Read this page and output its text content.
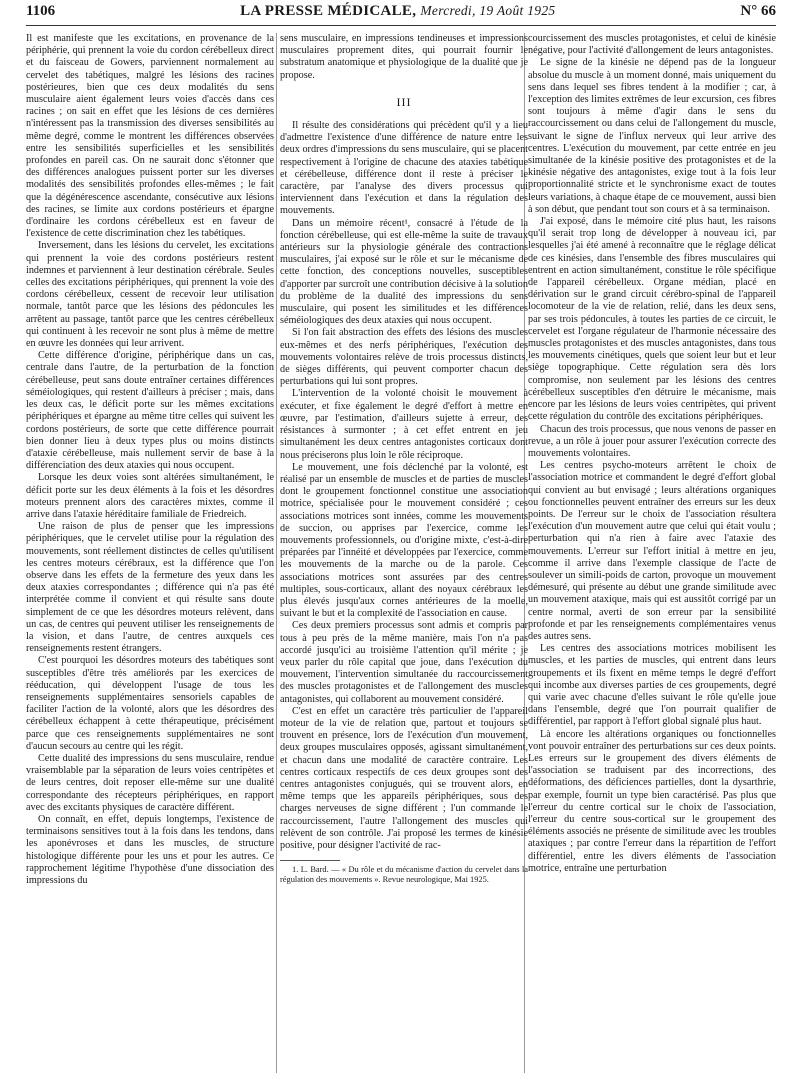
1106	LA PRESSE MÉDICALE, Mercredi, 19 Août 1925	N° 66

Il est manifeste que les excitations, en provenance de la périphérie, qui prennent la voie du cordon cérébelleux direct et du faisceau de Gowers, parviennent normalement au cervelet des tabétiques, malgré les lésions des racines postérieures, bien que ces deux modalités du sens musculaire aient également leurs voies d'accès dans ces racines ; on sait en effet que les lésions de ces dernières n'intéressent pas la transmission des diverses sensibilités au même degré, comme le montrent les différences observées entre les sensibilités superficielles et les sensibilités profondes en pareil cas. On ne saurait donc s'étonner que des différences analogues puissent porter sur les diverses modalités des sensibilités profondes elles-mêmes ; le fait que la dégénérescence ascendante, consécutive aux lésions des racines, se limite aux cordons postérieurs et épargne d'ordinaire les cordons cérébelleux est en faveur de l'existence de cette discrimination chez les tabétiques.

Inversement, dans les lésions du cervelet, les excitations qui prennent la voie des cordons postérieurs restent indemnes et parviennent à leur destination cérébrale. Seules celles des excitations périphériques, qui prennent la voie des cordons cérébelleux, cessent de recevoir leur utilisation normale, tantôt parce que les lésions des pédoncules les arrêtent au passage, tantôt parce que les centres cérébelleux qui continuent à les recevoir ne sont plus à même de mettre en œuvre les données qui leur arrivent.

Cette différence d'origine, périphérique dans un cas, centrale dans l'autre, de la perturbation de la fonction cérébelleuse, peut sans doute entraîner certaines différences séméiologiques, qui restent d'ailleurs à préciser ; mais, dans les deux cas, le déficit porte sur les mêmes excitations périphériques et épargne au même titre celles qui suivent les cordons postérieurs, de sorte que cette différence pourrait bien donner lieu à deux types plus ou moins distincts d'ataxie cérébelleuse, mais nullement servir de base à la différenciation des deux ataxies qui nous occupent.

Lorsque les deux voies sont altérées simultanément, le déficit porte sur les deux éléments à la fois et les désordres moteurs prennent alors des caractères mixtes, comme il arrive dans l'ataxie héréditaire familiale de Friedreich.

Une raison de plus de penser que les impressions périphériques, que le cervelet utilise pour la régulation des mouvements, sont réellement distinctes de celles qu'utilisent les centres moteurs cérébraux, est la différence que l'on observe dans les effets de la fermeture des yeux dans les deux ataxies correspondantes ; différence qui n'a pas été interprétée comme il convient et qui résulte sans doute simplement de ce que les désordres moteurs relèvent, dans un cas, de centres qui peuvent utiliser les renseignements de la vision, et dans l'autre, de centres auxquels ces renseignements restent étrangers.

C'est pourquoi les désordres moteurs des tabétiques sont susceptibles d'être très améliorés par les exercices de rééducation, qui développent l'usage de tous les renseignements supplémentaires sensoriels capables de faciliter l'action de la volonté, alors que les désordres des cérébelleux échappent à cette thérapeutique, précisément parce que ces renseignements supplémentaires ne sont d'aucun secours au centre qui les régit.

Cette dualité des impressions du sens musculaire, rendue vraisemblable par la séparation de leurs voies centripètes et de leurs centres, doit reposer elle-même sur une dualité correspondante des récepteurs périphériques, en rapport avec des excitants physiques de caractère différent.

On connaît, en effet, depuis longtemps, l'existence de terminaisons sensitives tout à la fois dans les tendons, dans les aponévroses et dans les muscles, de structure histologique différente pour les uns et pour les autres. Ce rapprochement légitime l'hypothèse d'une dissociation des impressions du

sens musculaire, en impressions tendineuses et impressions musculaires proprement dites, qui pourrait fournir le substratum anatomique et physiologique de la dualité que je propose.

III

Il résulte des considérations qui précèdent qu'il y a lieu d'admettre l'existence d'une différence de nature entre les deux ordres d'impressions du sens musculaire, qui se placent respectivement à l'origine de chacune des ataxies tabétique et cérébelleuse, différence dont il reste à préciser le caractère, par l'analyse des divers processus qui interviennent dans l'exécution et dans la régulation des mouvements.

Dans un mémoire récent¹, consacré à l'étude de la fonction cérébelleuse, qui est elle-même la suite de travaux antérieurs sur la physiologie générale des contractions musculaires, j'ai exposé sur le rôle et sur le mécanisme de cette fonction, des conceptions nouvelles, susceptibles d'apporter par surcroît une contribution décisive à la solution du problème de la dualité des impressions du sens musculaire, qui posent les similitudes et les différences séméiologiques des deux ataxies qui nous occupent.

Si l'on fait abstraction des effets des lésions des muscles eux-mêmes et des nerfs périphériques, l'exécution des mouvements volontaires relève de trois processus distincts, de sièges différents, qui peuvent comporter chacun des perturbations qui lui sont propres.

L'intervention de la volonté choisit le mouvement à exécuter, et fixe également le degré d'effort à mettre en œuvre, par l'estimation, d'ailleurs sujette à erreur, des résistances à surmonter ; à cet effet entrent en jeu simultanément les deux centres antagonistes corticaux dont nous préciserons plus loin le rôle réciproque.

Le mouvement, une fois déclenché par la volonté, est réalisé par un ensemble de muscles et de parties de muscles dont le groupement fonctionnel constitue une association motrice, spécialisée pour le mouvement considéré ; ces associations motrices sont innées, comme les mouvements de succion, ou apprises par l'exercice, comme les mouvements professionnels, ou d'origine mixte, c'est-à-dire préparées par l'innéité et développées par l'exercice, comme les mouvements de la marche ou de la parole. Ces associations motrices sont assurées par des centres multiples, sous-corticaux, allant des noyaux cérébraux les plus élevés jusqu'aux cornes antérieures de la moelle, suivant le but et la complexité de l'association en cause.

Ces deux premiers processus sont admis et compris par tous à peu près de la même manière, mais l'on n'a pas accordé jusqu'ici au troisième l'attention qu'il mérite ; je veux parler du rôle capital que joue, dans l'exécution du mouvement, l'intervention simultanée du raccourcissement des muscles protagonistes et de l'allongement des muscles antagonistes, qui collaborent au mouvement considéré.

C'est en effet un caractère très particulier de l'appareil moteur de la vie de relation que, partout et toujours se trouvent en présence, lors de l'exécution d'un mouvement, deux groupes musculaires opposés, agissant simultanément, et chacun dans une modalité de caractère contraire. Les centres corticaux respectifs de ces deux groupes sont des centres antagonistes conjugués, qui se trouvent alors, en même temps que les appareils périphériques, sous des charges nerveuses de signe différent ; l'un commande le raccourcissement, l'autre l'allongement des muscles qui relèvent de son contrôle. J'ai proposé les termes de kinésie positive, pour désigner l'activité de rac-

1. L. Bard. — « Du rôle et du mécanisme d'action du cervelet dans la régulation des mouvements ». Revue neurologique, Mai 1925.

courcissement des muscles protagonistes, et celui de kinésie négative, pour l'activité d'allongement de leurs antagonistes.

Le signe de la kinésie ne dépend pas de la longueur absolue du muscle à un moment donné, mais uniquement du sens dans lequel ses fibres tendent à la modifier ; car, à l'exception des limites extrêmes de leur excursion, ces fibres sont toujours à même d'agir dans le sens du raccourcissement ou dans celui de l'allongement du muscle, suivant le signe de l'influx nerveux qui leur arrive des centres. L'exécution du mouvement, par cette entrée en jeu simultanée de la kinésie positive des protagonistes et de la kinésie négative des antagonistes, exige tout à la fois leur proportionnalité stricte et le synchronisme exact de toutes leurs variations, à chaque étape de ce mouvement, aussi bien à son début, que pendant tout son cours et à sa terminaison.

J'ai exposé, dans le mémoire cité plus haut, les raisons qu'il serait trop long de développer à nouveau ici, par lesquelles j'ai été amené à reconnaître que le réglage délicat de ces kinésies, dans l'ensemble des fibres musculaires qui entrent en action simultanément, constitue le rôle spécifique de l'appareil cérébelleux. Organe médian, placé en dérivation sur le grand circuit cérébro-spinal de l'appareil locomoteur de la vie de relation, relié, dans les deux sens, par ses trois pédoncules, à toutes les parties de ce circuit, le cervelet est l'organe régulateur de l'harmonie nécessaire des muscles protagonistes et des muscles antagonistes, dans tous les mouvements cinétiques, quels que soient leur but et leur siège topographique. Cette régulation sera dès lors compromise, non seulement par les lésions des centres cérébelleux susceptibles d'en détruire le mécanisme, mais encore par les lésions de leurs voies centripètes, qui privent cette régulation du contrôle des excitations périphériques.

Chacun des trois processus, que nous venons de passer en revue, a un rôle à jouer pour assurer l'exécution correcte des mouvements volontaires.

Les centres psycho-moteurs arrêtent le choix de l'association motrice et commandent le degré d'effort global qui convient au but envisagé ; leurs altérations organiques ou fonctionnelles peuvent entraîner des erreurs sur les deux points. De l'erreur sur le choix de l'association résultera l'exécution d'un mouvement autre que celui qui était voulu ; perturbation qui n'a rien à faire avec l'ataxie des mouvements. L'erreur sur l'effort initial à mettre en jeu, comme il arrive dans l'exemple classique de l'acte de soulever un simili-poids de carton, provoque un mouvement démesuré, qui présente au début une grande similitude avec un mouvement ataxique, mais qui est aussitôt corrigé par un centre normal, averti de son erreur par la sensibilité profonde et par les renseignements complémentaires venus des autres sens.

Les centres des associations motrices mobilisent les muscles, et les parties de muscles, qui entrent dans leurs groupements et ils fixent en même temps le degré d'effort qui incombe aux diverses parties de ces groupements, degré qui varie avec chacune d'elles suivant le rôle qu'elle joue dans l'ensemble, degré que l'on pourrait qualifier de différentiel, par rapport à l'effort global signalé plus haut.

Là encore les altérations organiques ou fonctionnelles vont pouvoir entraîner des perturbations sur ces deux points. Les erreurs sur le groupement des divers éléments de l'association se traduisent par des incorrections, des déformations, des déficiences partielles, dont la dysarthrie, par exemple, fournit un type bien caractérisé. Pas plus que l'erreur du centre cortical sur le choix de l'association, l'erreur du centre sous-cortical sur le groupement des éléments associés ne présente de similitude avec les troubles ataxiques ; par contre l'erreur dans la répartition de l'effort différentiel, entre les divers éléments de l'association motrice, entraîne une perturbation
